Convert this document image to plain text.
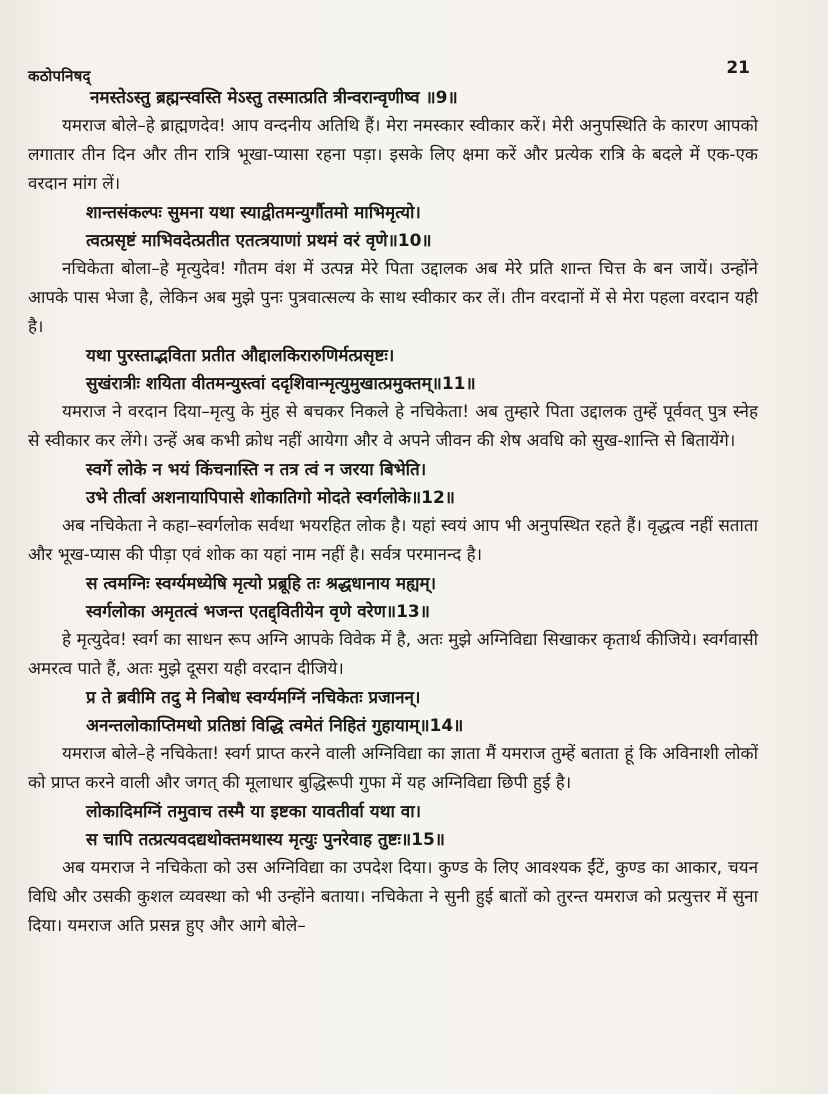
कठोपनिषद्	21
नमस्तेऽस्तु ब्रह्मन्स्वस्ति मेऽस्तु तस्मात्प्रति त्रीन्वरान्वृणीष्व ॥9॥
यमराज बोले–हे ब्राह्मणदेव! आप वन्दनीय अतिथि हैं। मेरा नमस्कार स्वीकार करें। मेरी अनुपस्थिति के कारण आपको लगातार तीन दिन और तीन रात्रि भूखा-प्यासा रहना पड़ा। इसके लिए क्षमा करें और प्रत्येक रात्रि के बदले में एक-एक वरदान मांग लें।
शान्तसंकल्पः सुमना यथा स्याद्वीतमन्युर्गौतमो माभिमृत्यो।
त्वत्प्रसृष्टं माभिवदेत्प्रतीत एतत्त्रयाणां प्रथमं वरं वृणे॥10॥
नचिकेता बोला–हे मृत्युदेव! गौतम वंश में उत्पन्न मेरे पिता उद्दालक अब मेरे प्रति शान्त चित्त के बन जायें। उन्होंने आपके पास भेजा है, लेकिन अब मुझे पुनः पुत्रवात्सल्य के साथ स्वीकार कर लें। तीन वरदानों में से मेरा पहला वरदान यही है।
यथा पुरस्ताद्भविता प्रतीत औद्दालकिरारुणिर्मत्प्रसृष्टः।
सुखंरात्रीः शयिता वीतमन्युस्त्वां ददृशिवान्मृत्युमुखात्प्रमुक्तम्॥11॥
यमराज ने वरदान दिया–मृत्यु के मुंह से बचकर निकले हे नचिकेता! अब तुम्हारे पिता उद्दालक तुम्हें पूर्ववत् पुत्र स्नेह से स्वीकार कर लेंगे। उन्हें अब कभी क्रोध नहीं आयेगा और वे अपने जीवन की शेष अवधि को सुख-शान्ति से बितायेंगे।
स्वर्गे लोके न भयं किंचनास्ति न तत्र त्वं न जरया बिभेति।
उभे तीर्त्वा अशनायापिपासे शोकातिगो मोदते स्वर्गलोके॥12॥
अब नचिकेता ने कहा–स्वर्गलोक सर्वथा भयरहित लोक है। यहां स्वयं आप भी अनुपस्थित रहते हैं। वृद्धत्व नहीं सताता और भूख-प्यास की पीड़ा एवं शोक का यहां नाम नहीं है। सर्वत्र परमानन्द है।
स त्वमग्निः स्वर्ग्यमध्येषि मृत्यो प्रब्रूहि तः श्रद्धधानाय मह्यम्।
स्वर्गलोका अमृतत्वं भजन्त एतद्द्वितीयेन वृणे वरेण॥13॥
हे मृत्युदेव! स्वर्ग का साधन रूप अग्नि आपके विवेक में है, अतः मुझे अग्निविद्या सिखाकर कृतार्थ कीजिये। स्वर्गवासी अमरत्व पाते हैं, अतः मुझे दूसरा यही वरदान दीजिये।
प्र ते ब्रवीमि तदु मे निबोध स्वर्ग्यमग्निं नचिकेतः प्रजानन्।
अनन्तलोकाप्तिमथो प्रतिष्ठां विद्धि त्वमेतं निहितं गुहायाम्॥14॥
यमराज बोले–हे नचिकेता! स्वर्ग प्राप्त करने वाली अग्निविद्या का ज्ञाता मैं यमराज तुम्हें बताता हूं कि अविनाशी लोकों को प्राप्त करने वाली और जगत् की मूलाधार बुद्धिरूपी गुफा में यह अग्निविद्या छिपी हुई है।
लोकादिमग्निं तमुवाच तस्मै या इष्टका यावतीर्वा यथा वा।
स चापि तत्प्रत्यवदद्यथोक्तमथास्य मृत्युः पुनरेवाह तुष्टः॥15॥
अब यमराज ने नचिकेता को उस अग्निविद्या का उपदेश दिया। कुण्ड के लिए आवश्यक ईंटें, कुण्ड का आकार, चयन विधि और उसकी कुशल व्यवस्था को भी उन्होंने बताया। नचिकेता ने सुनी हुई बातों को तुरन्त यमराज को प्रत्युत्तर में सुना दिया। यमराज अति प्रसन्न हुए और आगे बोले–
